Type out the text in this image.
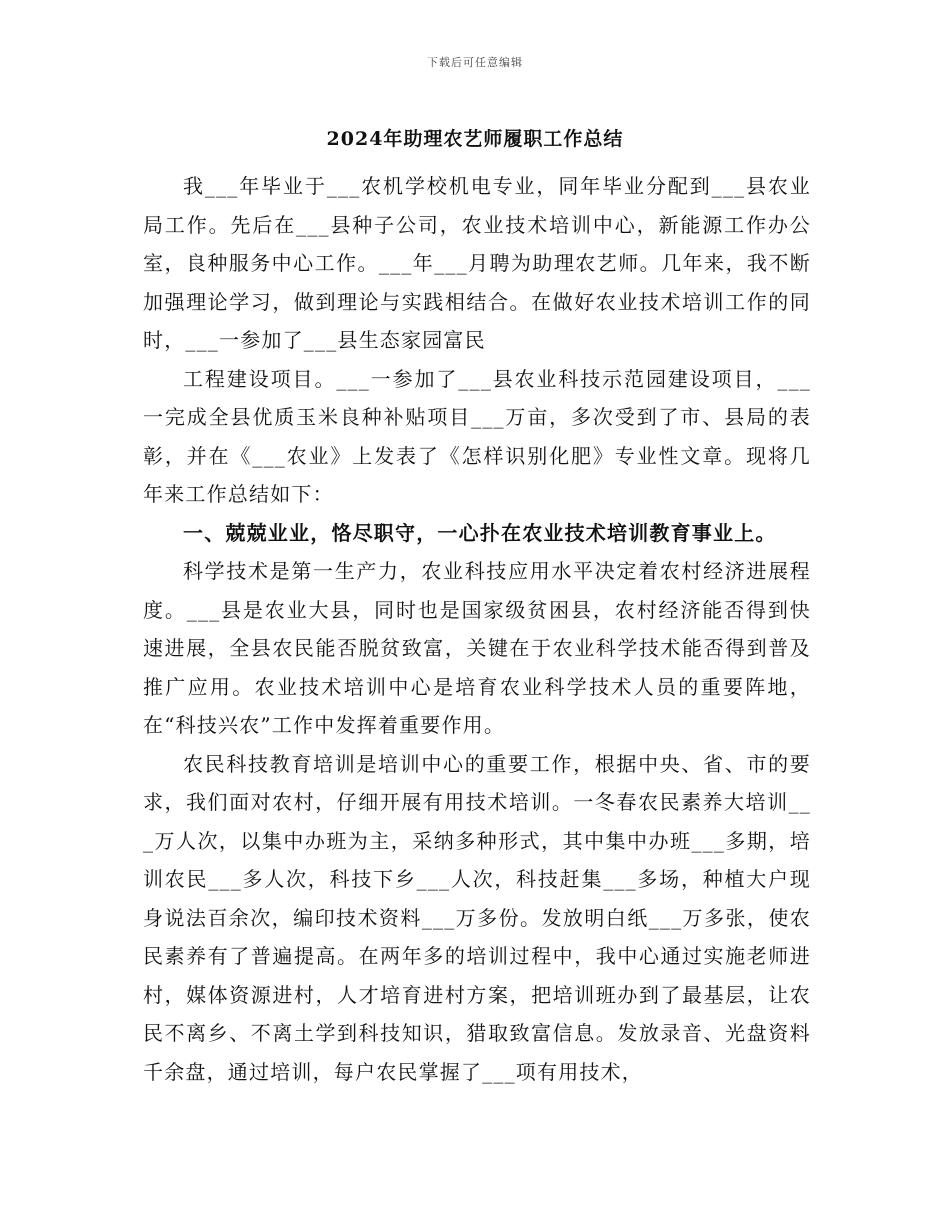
下载后可任意编辑
2024年助理农艺师履职工作总结

我___年毕业于___农机学校机电专业，同年毕业分配到___县农业局工作。先后在___县种子公司，农业技术培训中心，新能源工作办公室，良种服务中心工作。___年___月聘为助理农艺师。几年来，我不断加强理论学习，做到理论与实践相结合。在做好农业技术培训工作的同时，___一参加了___县生态家园富民

工程建设项目。___一参加了___县农业科技示范园建设项目，___一完成全县优质玉米良种补贴项目___万亩，多次受到了市、县局的表彰，并在《___农业》上发表了《怎样识别化肥》专业性文章。现将几年来工作总结如下：

一、兢兢业业，恪尽职守，一心扑在农业技术培训教育事业上。

科学技术是第一生产力，农业科技应用水平决定着农村经济进展程度。___县是农业大县，同时也是国家级贫困县，农村经济能否得到快速进展，全县农民能否脱贫致富，关键在于农业科学技术能否得到普及推广应用。农业技术培训中心是培育农业科学技术人员的重要阵地，在“科技兴农”工作中发挥着重要作用。

农民科技教育培训是培训中心的重要工作，根据中央、省、市的要求，我们面对农村，仔细开展有用技术培训。一冬春农民素养大培训___万人次，以集中办班为主，采纳多种形式，其中集中办班___多期，培训农民___多人次，科技下乡___人次，科技赶集___多场，种植大户现身说法百余次，编印技术资料___万多份。发放明白纸___万多张，使农民素养有了普遍提高。在两年多的培训过程中，我中心通过实施老师进村，媒体资源进村，人才培育进村方案，把培训班办到了最基层，让农民不离乡、不离土学到科技知识，猎取致富信息。发放录音、光盘资料千余盘，通过培训，每户农民掌握了___项有用技术，
